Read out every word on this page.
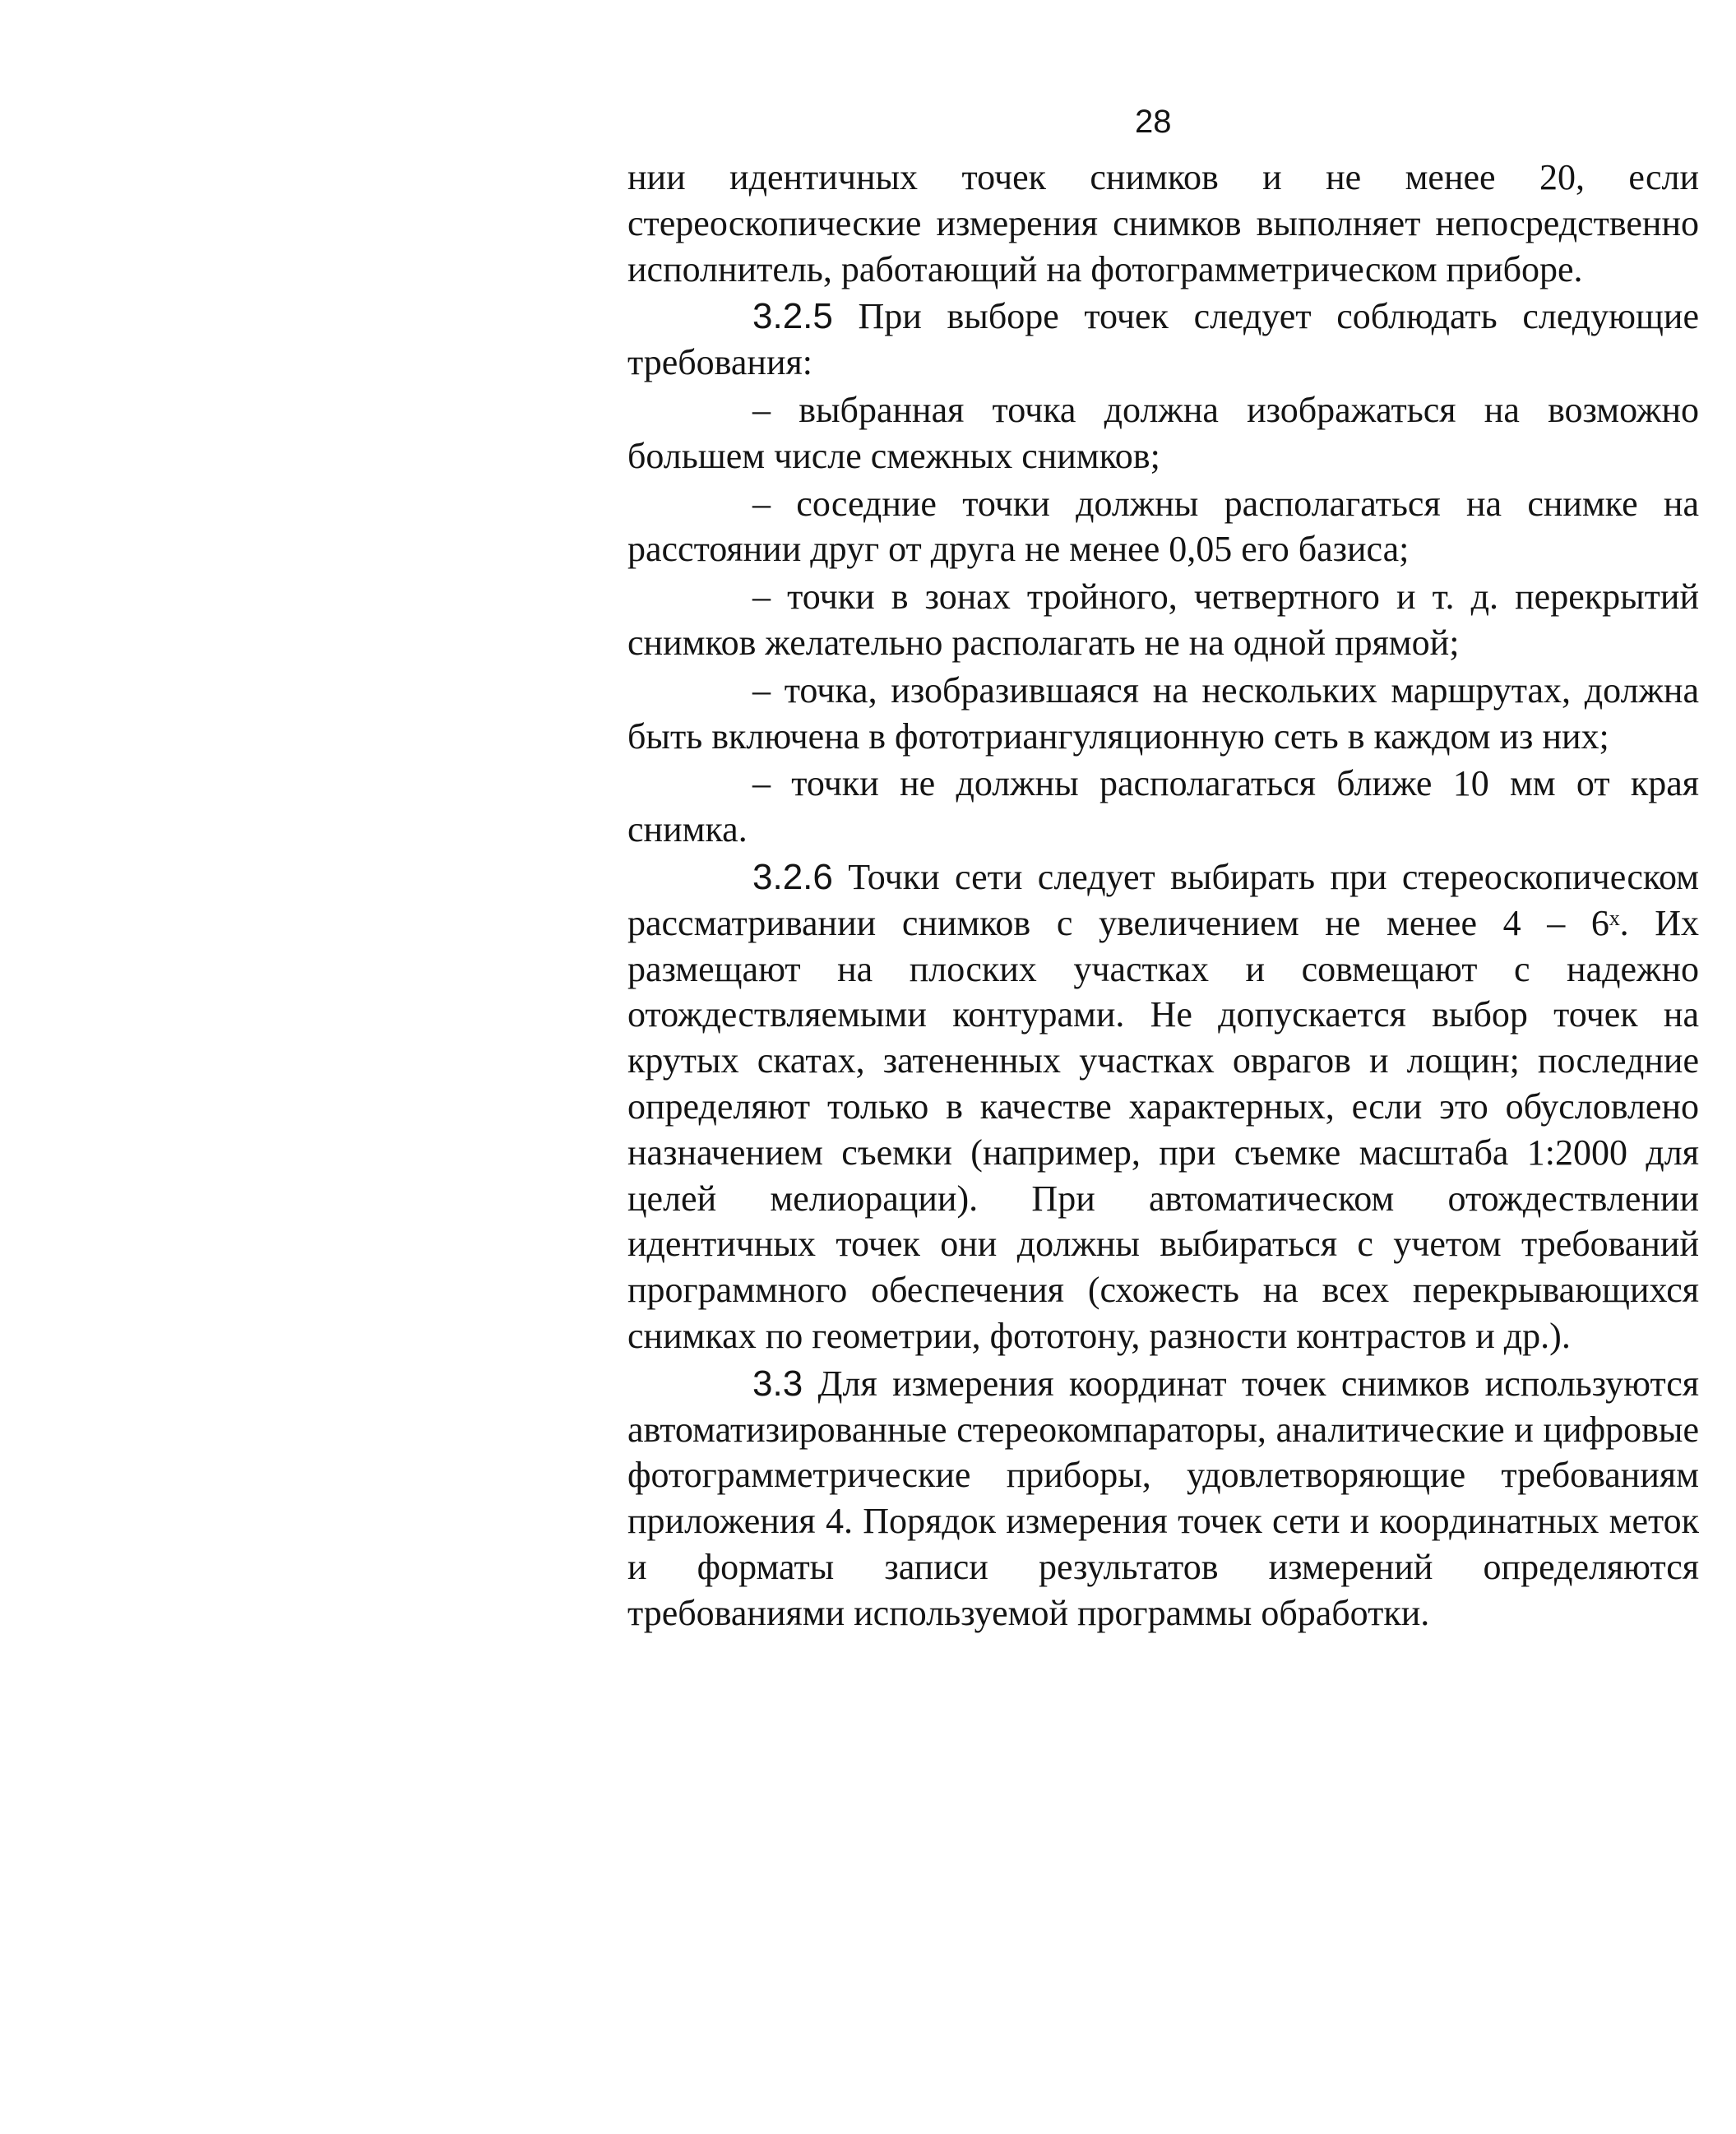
28

нии идентичных точек снимков и не менее 20, если стереоскопические измерения снимков выполняет непосредственно исполнитель, работающий на фотограмметрическом приборе.

3.2.5 При выборе точек следует соблюдать следующие требования:

– выбранная точка должна изображаться на возможно большем числе смежных снимков;

– соседние точки должны располагаться на снимке на расстоянии друг от друга не менее 0,05 его базиса;

– точки в зонах тройного, четвертного и т. д. перекрытий снимков желательно располагать не на одной прямой;

– точка, изобразившаяся на нескольких маршрутах, должна быть включена в фототриангуляционную сеть в каждом из них;

– точки не должны располагаться ближе 10 мм от края снимка.

3.2.6 Точки сети следует выбирать при стереоскопическом рассматривании снимков с увеличением не менее 4 – 6ˣ. Их размещают на плоских участках и совмещают с надежно отождествляемыми контурами. Не допускается выбор точек на крутых скатах, затененных участках оврагов и лощин; последние определяют только в качестве характерных, если это обусловлено назначением съемки (например, при съемке масштаба 1:2000 для целей мелиорации). При автоматическом отождествлении идентичных точек они должны выбираться с учетом требований программного обеспечения (схожесть на всех перекрывающихся снимках по геометрии, фототону, разности контрастов и др.).

3.3 Для измерения координат точек снимков используются автоматизированные стереокомпараторы, аналитические и цифровые фотограмметрические приборы, удовлетворяющие требованиям приложения 4. Порядок измерения точек сети и координатных меток и форматы записи результатов измерений определяются требованиями используемой программы обработки.
